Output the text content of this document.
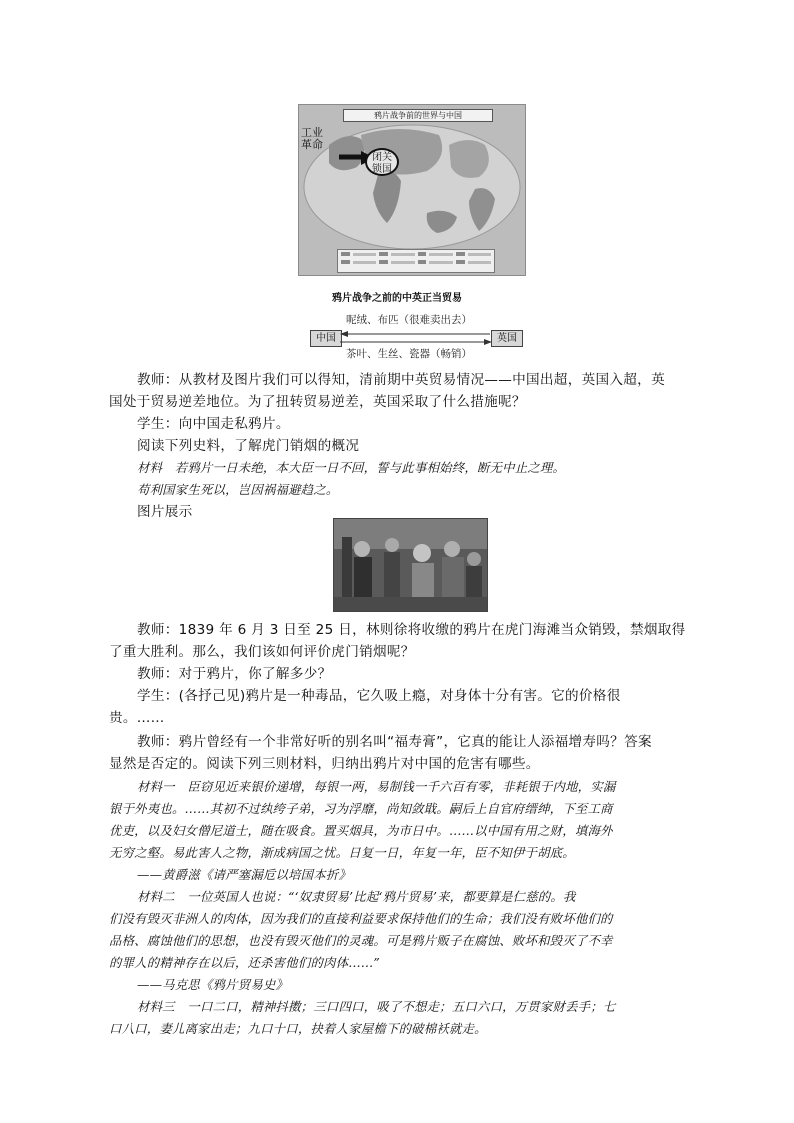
鸦片战争前的世界与中国
工业
革命
闭关
锁国
鸦片战争之前的中英正当贸易
呢绒、布匹（很难卖出去）
中国	英国
茶叶、生丝、瓷器（畅销）

教师：从教材及图片我们可以得知，清前期中英贸易情况——中国出超，英国入超，英

国处于贸易逆差地位。为了扭转贸易逆差，英国采取了什么措施呢？

学生：向中国走私鸦片。

阅读下列史料，了解虎门销烟的概况

材料　若鸦片一日未绝，本大臣一日不回，誓与此事相始终，断无中止之理。

苟利国家生死以，岂因祸福避趋之。

图片展示

教师：1839 年 6 月 3 日至 25 日，林则徐将收缴的鸦片在虎门海滩当众销毁，禁烟取得

了重大胜利。那么，我们该如何评价虎门销烟呢？

教师：对于鸦片，你了解多少？

学生：(各抒己见)鸦片是一种毒品，它久吸上瘾，对身体十分有害。它的价格很

贵。……

教师：鸦片曾经有一个非常好听的别名叫“福寿膏”，它真的能让人添福增寿吗？答案

显然是否定的。阅读下列三则材料，归纳出鸦片对中国的危害有哪些。

材料一　臣窃见近来银价递增，每银一两，易制钱一千六百有零，非耗银于内地，实漏

银于外夷也。……其初不过纨绔子弟，习为浮靡，尚知敛戢。嗣后上自官府缙绅，下至工商

优吏，以及妇女僧尼道士，随在吸食。置买烟具，为市日中。……以中国有用之财，填海外

无穷之壑。易此害人之物，渐成病国之忧。日复一日，年复一年，臣不知伊于胡底。

——黄爵滋《请严塞漏卮以培国本折》

材料二　一位英国人也说：“‘奴隶贸易’比起‘鸦片贸易’来，都要算是仁慈的。我

们没有毁灭非洲人的肉体，因为我们的直接利益要求保持他们的生命；我们没有败坏他们的

品格、腐蚀他们的思想，也没有毁灭他们的灵魂。可是鸦片贩子在腐蚀、败坏和毁灭了不幸

的罪人的精神存在以后，还杀害他们的肉体……”

——马克思《鸦片贸易史》

材料三　一口二口，精神抖擞；三口四口，吸了不想走；五口六口，万贯家财丢手；七

口八口，妻儿离家出走；九口十口，抉着人家屋檐下的破棉袄就走。
